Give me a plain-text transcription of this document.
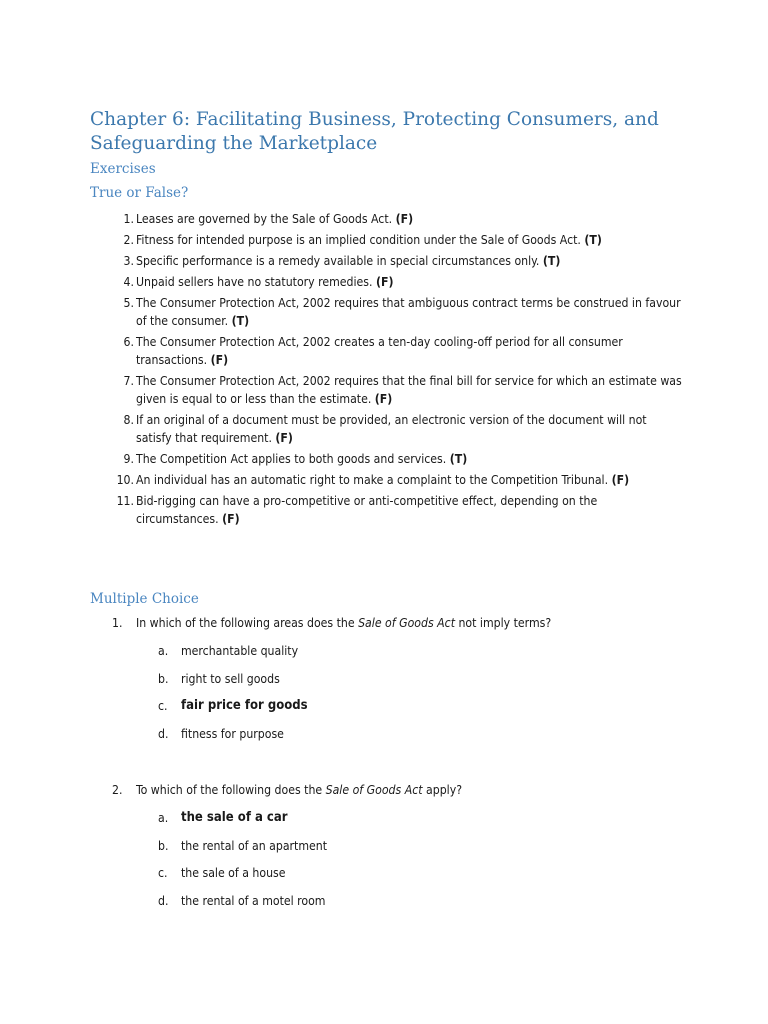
Chapter 6: Facilitating Business, Protecting Consumers, and Safeguarding the Marketplace
Exercises
True or False?
1. Leases are governed by the Sale of Goods Act. (F)
2. Fitness for intended purpose is an implied condition under the Sale of Goods Act. (T)
3. Specific performance is a remedy available in special circumstances only. (T)
4. Unpaid sellers have no statutory remedies. (F)
5. The Consumer Protection Act, 2002 requires that ambiguous contract terms be construed in favour of the consumer. (T)
6. The Consumer Protection Act, 2002 creates a ten-day cooling-off period for all consumer transactions. (F)
7. The Consumer Protection Act, 2002 requires that the final bill for service for which an estimate was given is equal to or less than the estimate. (F)
8. If an original of a document must be provided, an electronic version of the document will not satisfy that requirement. (F)
9. The Competition Act applies to both goods and services. (T)
10. An individual has an automatic right to make a complaint to the Competition Tribunal. (F)
11. Bid-rigging can have a pro-competitive or anti-competitive effect, depending on the circumstances. (F)
Multiple Choice
1. In which of the following areas does the Sale of Goods Act not imply terms?
a. merchantable quality
b. right to sell goods
c. fair price for goods
d. fitness for purpose
2. To which of the following does the Sale of Goods Act apply?
a. the sale of a car
b. the rental of an apartment
c. the sale of a house
d. the rental of a motel room
